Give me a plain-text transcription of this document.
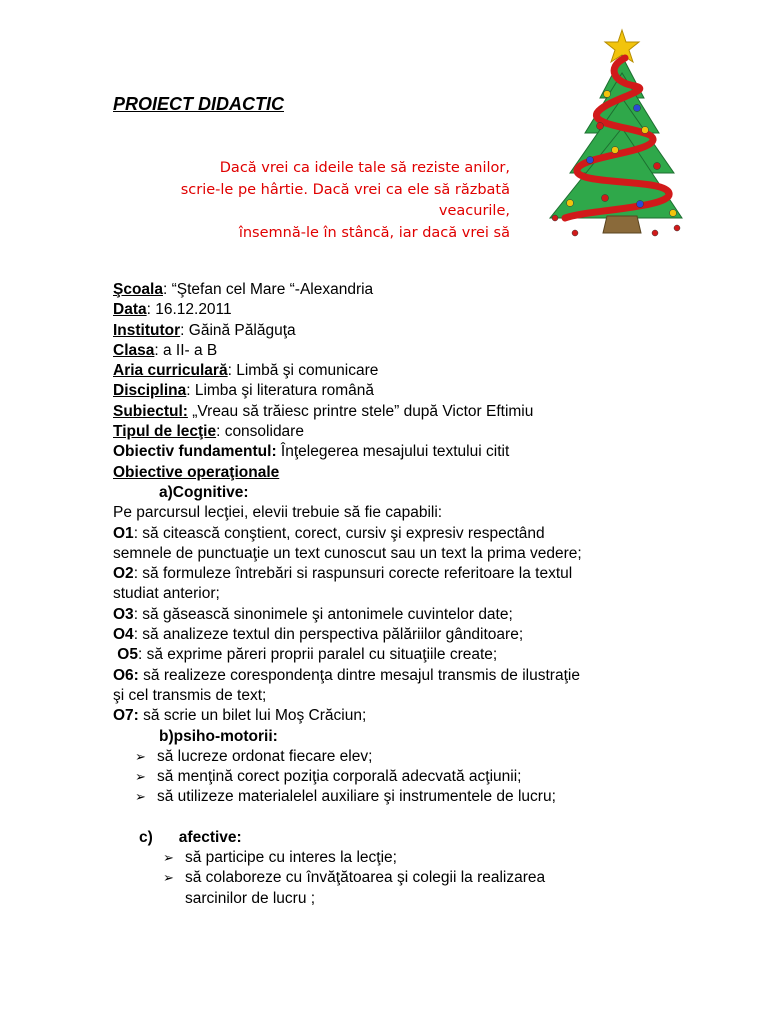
PROIECT DIDACTIC
Dacă vrei ca ideile tale să reziste anilor,
scrie-le pe hârtie. Dacă vrei ca ele să răzbată
veacurile,
însemnă-le în stâncă, iar dacă vrei să
Şcoala: “Ştefan cel Mare “-Alexandria
Data: 16.12.2011
Institutor: Găină Pălăguţa
Clasa: a II- a B
Aria curriculară: Limbă şi comunicare
Disciplina: Limba şi literatura română
Subiectul: „Vreau să trăiesc printre stele” după Victor Eftimiu
Tipul de lecţie: consolidare
Obiectiv fundamentul: Înţelegerea mesajului textului citit
Obiective operaţionale
a)Cognitive:
Pe parcursul lecţiei, elevii trebuie să fie capabili:
O1: să citească conştient, corect, cursiv şi expresiv respectând
semnele de punctuaţie un text cunoscut sau un text la prima vedere;
O2: să formuleze întrebări si raspunsuri corecte referitoare la textul
studiat anterior;
O3: să găsească sinonimele şi antonimele cuvintelor date;
O4: să analizeze textul din perspectiva pălăriilor gânditoare;
O5: să exprime păreri proprii paralel cu situaţiile create;
O6: să realizeze corespondenţa dintre mesajul transmis de ilustraţie
şi cel transmis de text;
O7: să scrie un bilet lui Moş Crăciun;
b)psiho-motorii:
➢ să lucreze ordonat fiecare elev;
➢ să menţină corect poziţia corporală adecvată acţiunii;
➢ să utilizeze materialelel auxiliare şi instrumentele de lucru;
c) afective:
➢ să participe cu interes la lecţie;
➢ să colaboreze cu învăţătoarea şi colegii la realizarea
sarcinilor de lucru ;
